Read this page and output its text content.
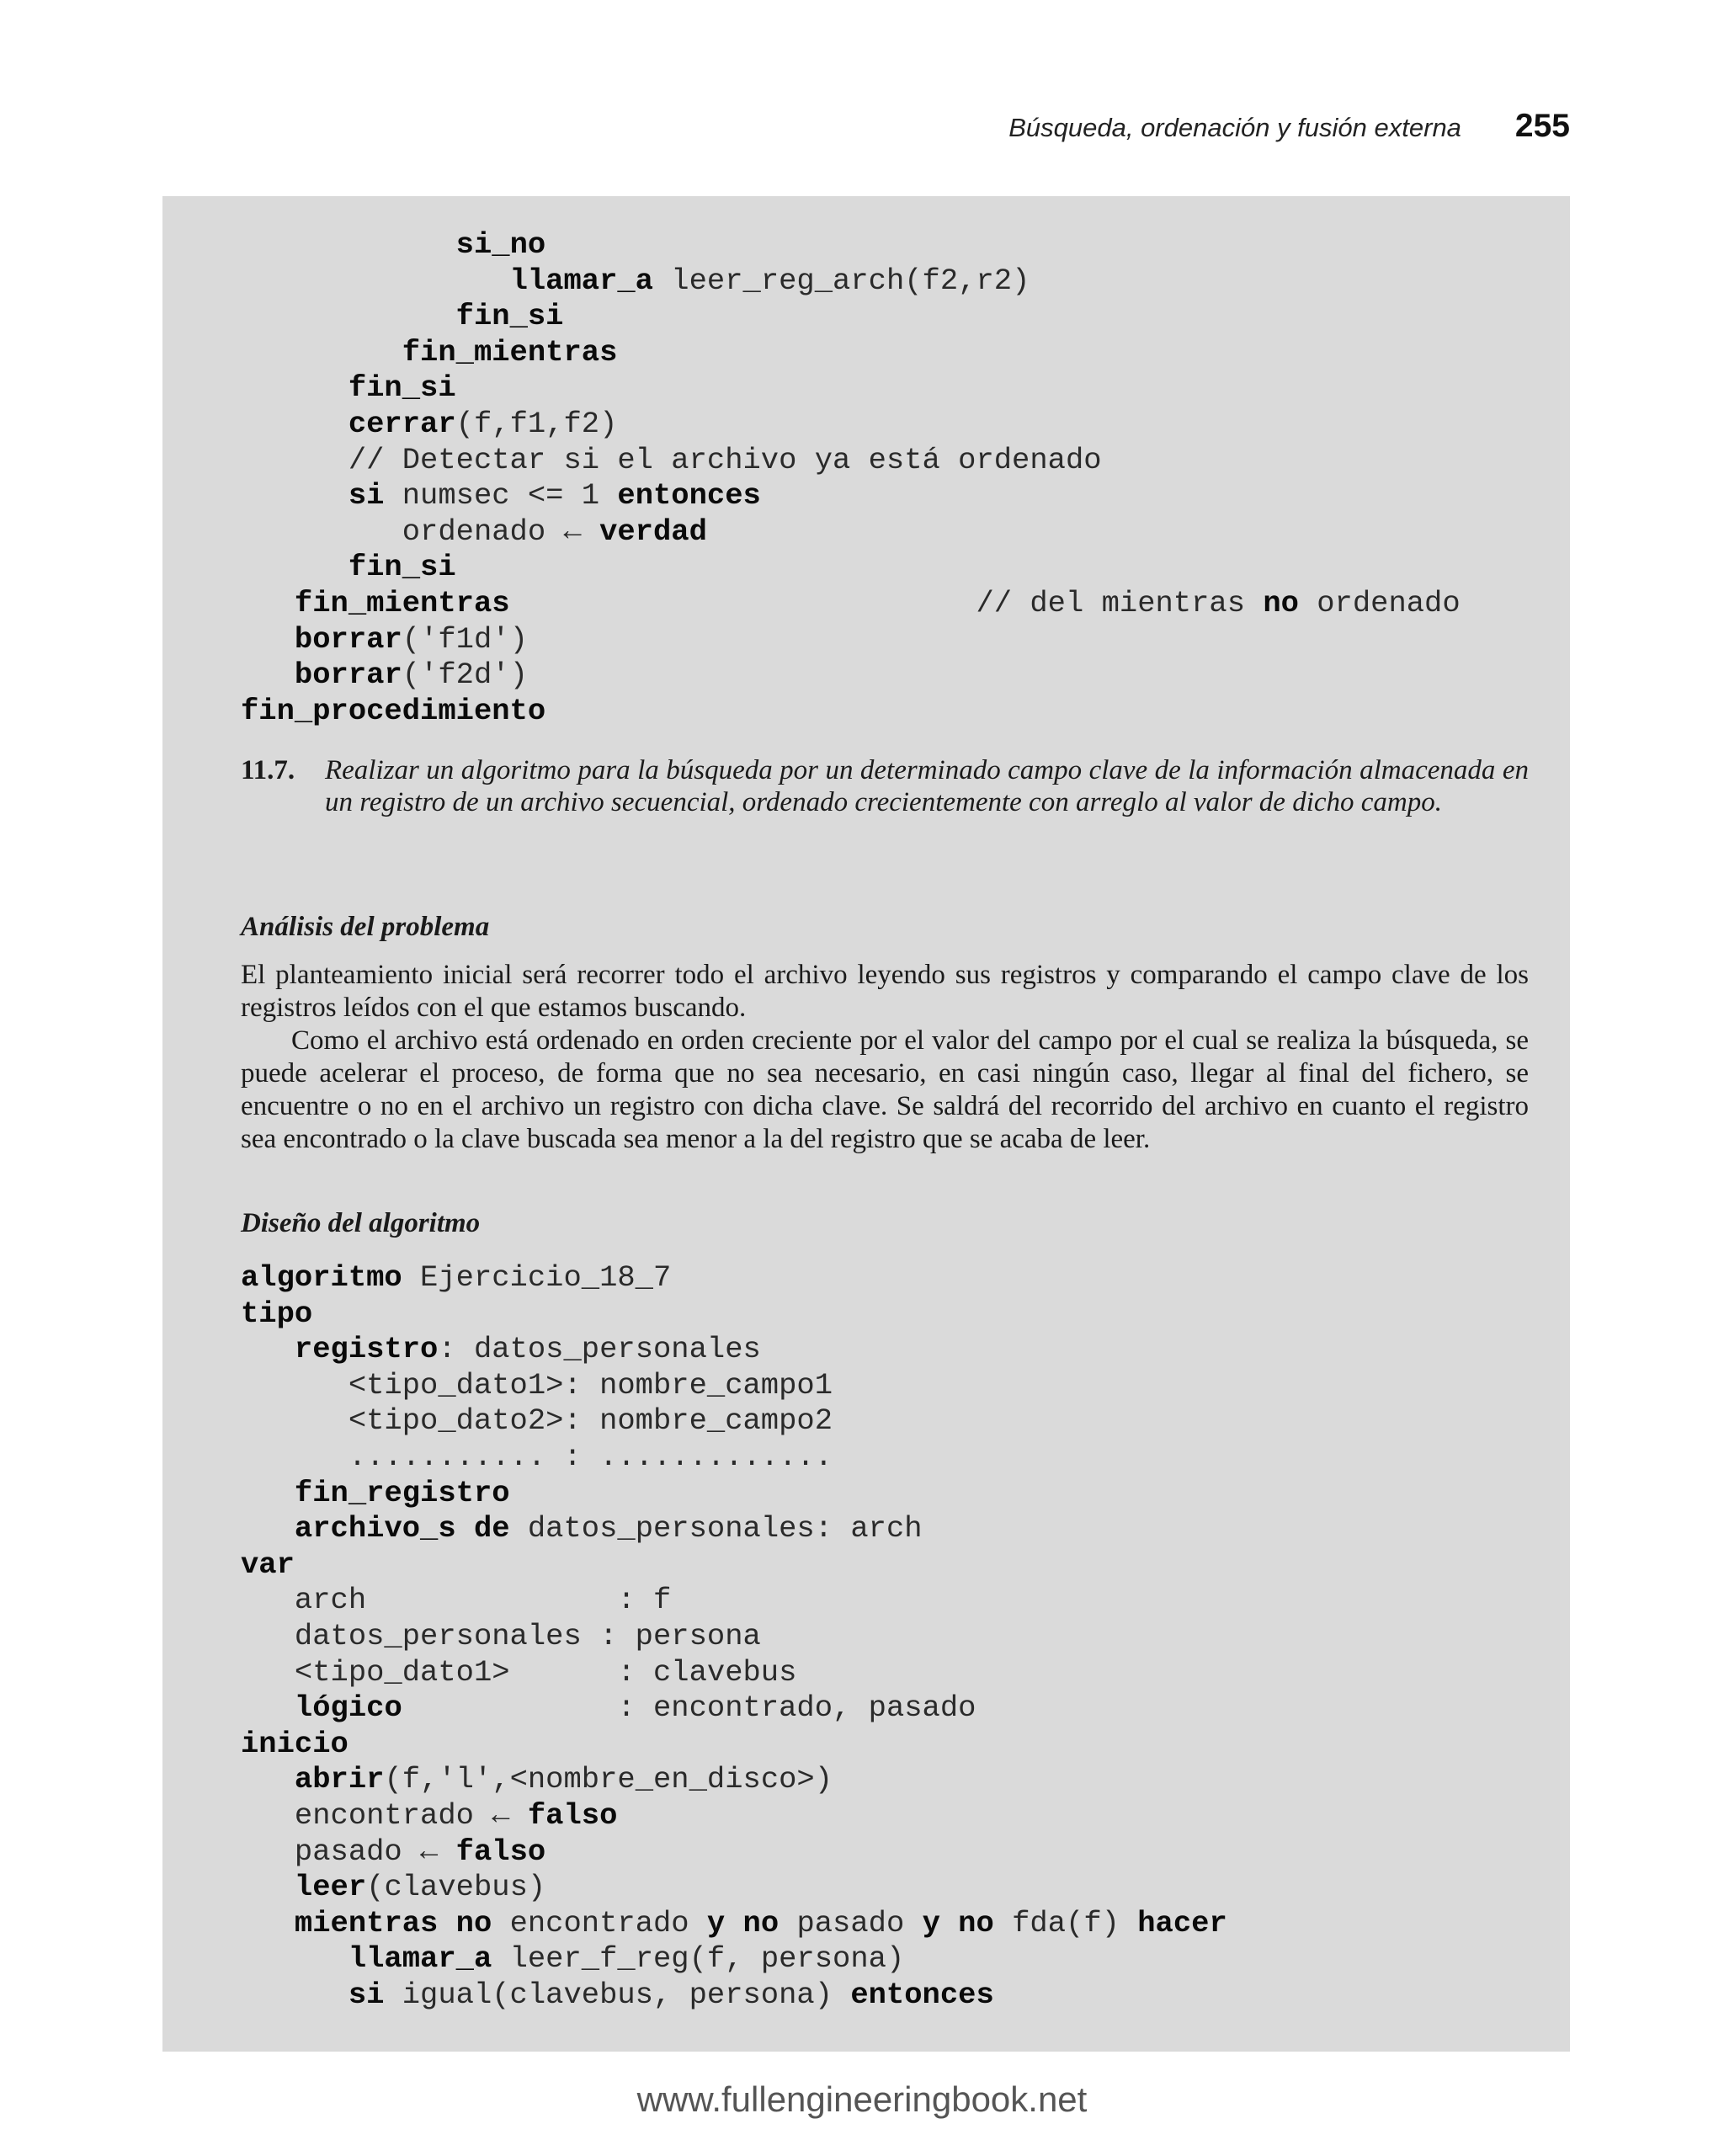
Búsqueda, ordenación y fusión externa 255
si_no
llamar_a leer_reg_arch(f2,r2)
fin_si
fin_mientras
fin_si
cerrar(f,f1,f2)
// Detectar si el archivo ya está ordenado
si numsec <= 1 entonces
ordenado ← verdad
fin_si
fin_mientras                          // del mientras no ordenado
borrar('f1d')
borrar('f2d')
fin_procedimiento
11.7. Realizar un algoritmo para la búsqueda por un determinado campo clave de la información almacenada en un registro de un archivo secuencial, ordenado crecientemente con arreglo al valor de dicho campo.
Análisis del problema

El planteamiento inicial será recorrer todo el archivo leyendo sus registros y comparando el campo clave de los registros leídos con el que estamos buscando.

Como el archivo está ordenado en orden creciente por el valor del campo por el cual se realiza la búsqueda, se puede acelerar el proceso, de forma que no sea necesario, en casi ningún caso, llegar al final del fichero, se encuentre o no en el archivo un registro con dicha clave. Se saldrá del recorrido del archivo en cuanto el registro sea encontrado o la clave buscada sea menor a la del registro que se acaba de leer.

Diseño del algoritmo
algoritmo Ejercicio_18_7
tipo
registro: datos_personales
<tipo_dato1>: nombre_campo1
<tipo_dato2>: nombre_campo2
........... : .............
fin_registro
archivo_s de datos_personales: arch
var
arch              : f
datos_personales : persona
<tipo_dato1>      : clavebus
lógico            : encontrado, pasado
inicio
abrir(f,'l',<nombre_en_disco>)
encontrado ← falso
pasado ← falso
leer(clavebus)
mientras no encontrado y no pasado y no fda(f) hacer
llamar_a leer_f_reg(f, persona)
si igual(clavebus, persona) entonces
www.fullengineeringbook.net
